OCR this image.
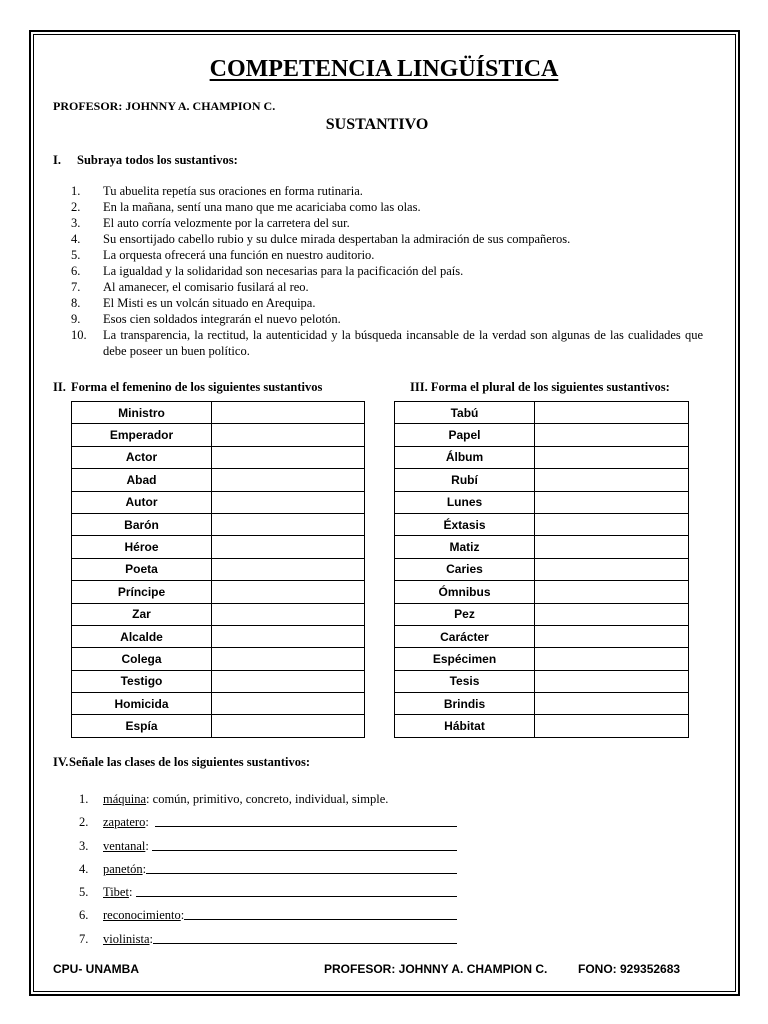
COMPETENCIA LINGÜÍSTICA
PROFESOR: JOHNNY A. CHAMPION C.
SUSTANTIVO
I. Subraya todos los sustantivos:
1.	Tu abuelita repetía sus oraciones en forma rutinaria.
2.	En la mañana, sentí una mano que me acariciaba como las olas.
3.	El auto corría velozmente por la carretera del sur.
4.	Su ensortijado cabello rubio y su dulce mirada despertaban la admiración de sus compañeros.
5.	La orquesta ofrecerá una función en nuestro auditorio.
6.	La igualdad y la solidaridad son necesarias para la pacificación del país.
7.	Al amanecer, el comisario fusilará al reo.
8.	El Misti es un volcán situado en Arequipa.
9.	Esos cien soldados integrarán el nuevo pelotón.
10.	La transparencia, la rectitud, la autenticidad y la búsqueda incansable de la verdad son algunas de las cualidades que debe poseer un buen político.
II. Forma el femenino de los siguientes sustantivos	III. Forma el plural de los siguientes sustantivos:
Ministro	
Emperador	
Actor	
Abad	
Autor	
Barón	
Héroe	
Poeta	
Príncipe	
Zar	
Alcalde	
Colega	
Testigo	
Homicida	
Espía	
Tabú	
Papel	
Álbum	
Rubí	
Lunes	
Éxtasis	
Matiz	
Caries	
Ómnibus	
Pez	
Carácter	
Espécimen	
Tesis	
Brindis	
Hábitat	
IV.Señale las clases de los siguientes sustantivos:
1.	máquina : común, primitivo, concreto, individual, simple.
2.	zapatero :
3.	ventanal :
4.	panetón :
5.	Tibet :
6.	reconocimiento :
7.	violinista :
CPU- UNAMBA	PROFESOR: JOHNNY A. CHAMPION C.	FONO: 929352683
